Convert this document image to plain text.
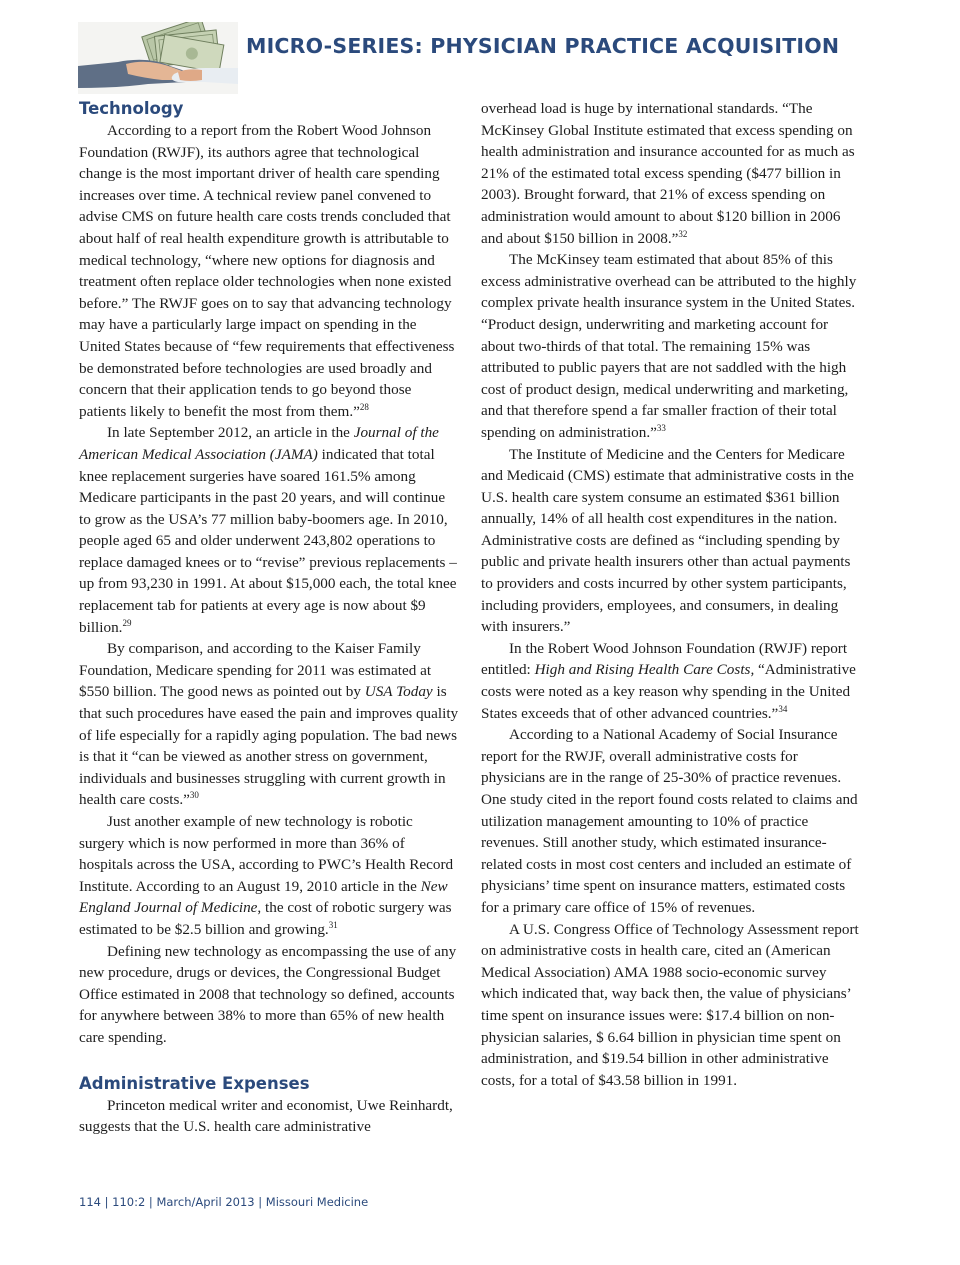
MICRO-SERIES: PHYSICIAN PRACTICE ACQUISITION
Technology

According to a report from the Robert Wood Johnson Foundation (RWJF), its authors agree that technological change is the most important driver of health care spending increases over time. A technical review panel convened to advise CMS on future health care costs trends concluded that about half of real health expenditure growth is attributable to medical technology, “where new options for diagnosis and treatment often replace older technologies when none existed before.” The RWJF goes on to say that advancing technology may have a particularly large impact on spending in the United States because of “few requirements that effectiveness be demonstrated before technologies are used broadly and concern that their application tends to go beyond those patients likely to benefit the most from them.”$^{28}$

In late September 2012, an article in the Journal of the American Medical Association (JAMA) indicated that total knee replacement surgeries have soared 161.5% among Medicare participants in the past 20 years, and will continue to grow as the USA’s 77 million baby-boomers age. In 2010, people aged 65 and older underwent 243,802 operations to replace damaged knees or to “revise” previous replacements – up from 93,230 in 1991. At about $15,000 each, the total knee replacement tab for patients at every age is now about $9 billion.$^{29}$

By comparison, and according to the Kaiser Family Foundation, Medicare spending for 2011 was estimated at $550 billion. The good news as pointed out by USA Today is that such procedures have eased the pain and improves quality of life especially for a rapidly aging population. The bad news is that it “can be viewed as another stress on government, individuals and businesses struggling with current growth in health care costs.”$^{30}$

Just another example of new technology is robotic surgery which is now performed in more than 36% of hospitals across the USA, according to PWC’s Health Record Institute. According to an August 19, 2010 article in the New England Journal of Medicine, the cost of robotic surgery was estimated to be $2.5 billion and growing.$^{31}$

Defining new technology as encompassing the use of any new procedure, drugs or devices, the Congressional Budget Office estimated in 2008 that technology so defined, accounts for anywhere between 38% to more than 65% of new health care spending.

Administrative Expenses

Princeton medical writer and economist, Uwe Reinhardt, suggests that the U.S. health care administrative

overhead load is huge by international standards. “The McKinsey Global Institute estimated that excess spending on health administration and insurance accounted for as much as 21% of the estimated total excess spending ($477 billion in 2003). Brought forward, that 21% of excess spending on administration would amount to about $120 billion in 2006 and about $150 billion in 2008.”$^{32}$

The McKinsey team estimated that about 85% of this excess administrative overhead can be attributed to the highly complex private health insurance system in the United States. “Product design, underwriting and marketing account for about two-thirds of that total. The remaining 15% was attributed to public payers that are not saddled with the high cost of product design, medical underwriting and marketing, and that therefore spend a far smaller fraction of their total spending on administration.”$^{33}$

The Institute of Medicine and the Centers for Medicare and Medicaid (CMS) estimate that administrative costs in the U.S. health care system consume an estimated $361 billion annually, 14% of all health cost expenditures in the nation. Administrative costs are defined as “including spending by public and private health insurers other than actual payments to providers and costs incurred by other system participants, including providers, employees, and consumers, in dealing with insurers.”

In the Robert Wood Johnson Foundation (RWJF) report entitled: High and Rising Health Care Costs, “Administrative costs were noted as a key reason why spending in the United States exceeds that of other advanced countries.”$^{34}$

According to a National Academy of Social Insurance report for the RWJF, overall administrative costs for physicians are in the range of 25-30% of practice revenues. One study cited in the report found costs related to claims and utilization management amounting to 10% of practice revenues. Still another study, which estimated insurance-related costs in most cost centers and included an estimate of physicians’ time spent on insurance matters, estimated costs for a primary care office of 15% of revenues.

A U.S. Congress Office of Technology Assessment report on administrative costs in health care, cited an (American Medical Association) AMA 1988 socio-economic survey which indicated that, way back then, the value of physicians’ time spent on insurance issues were: $17.4 billion on non-physician salaries, $ 6.64 billion in physician time spent on administration, and $19.54 billion in other administrative costs, for a total of $43.58 billion in 1991.

114 | 110:2 | March/April 2013 | Missouri Medicine
